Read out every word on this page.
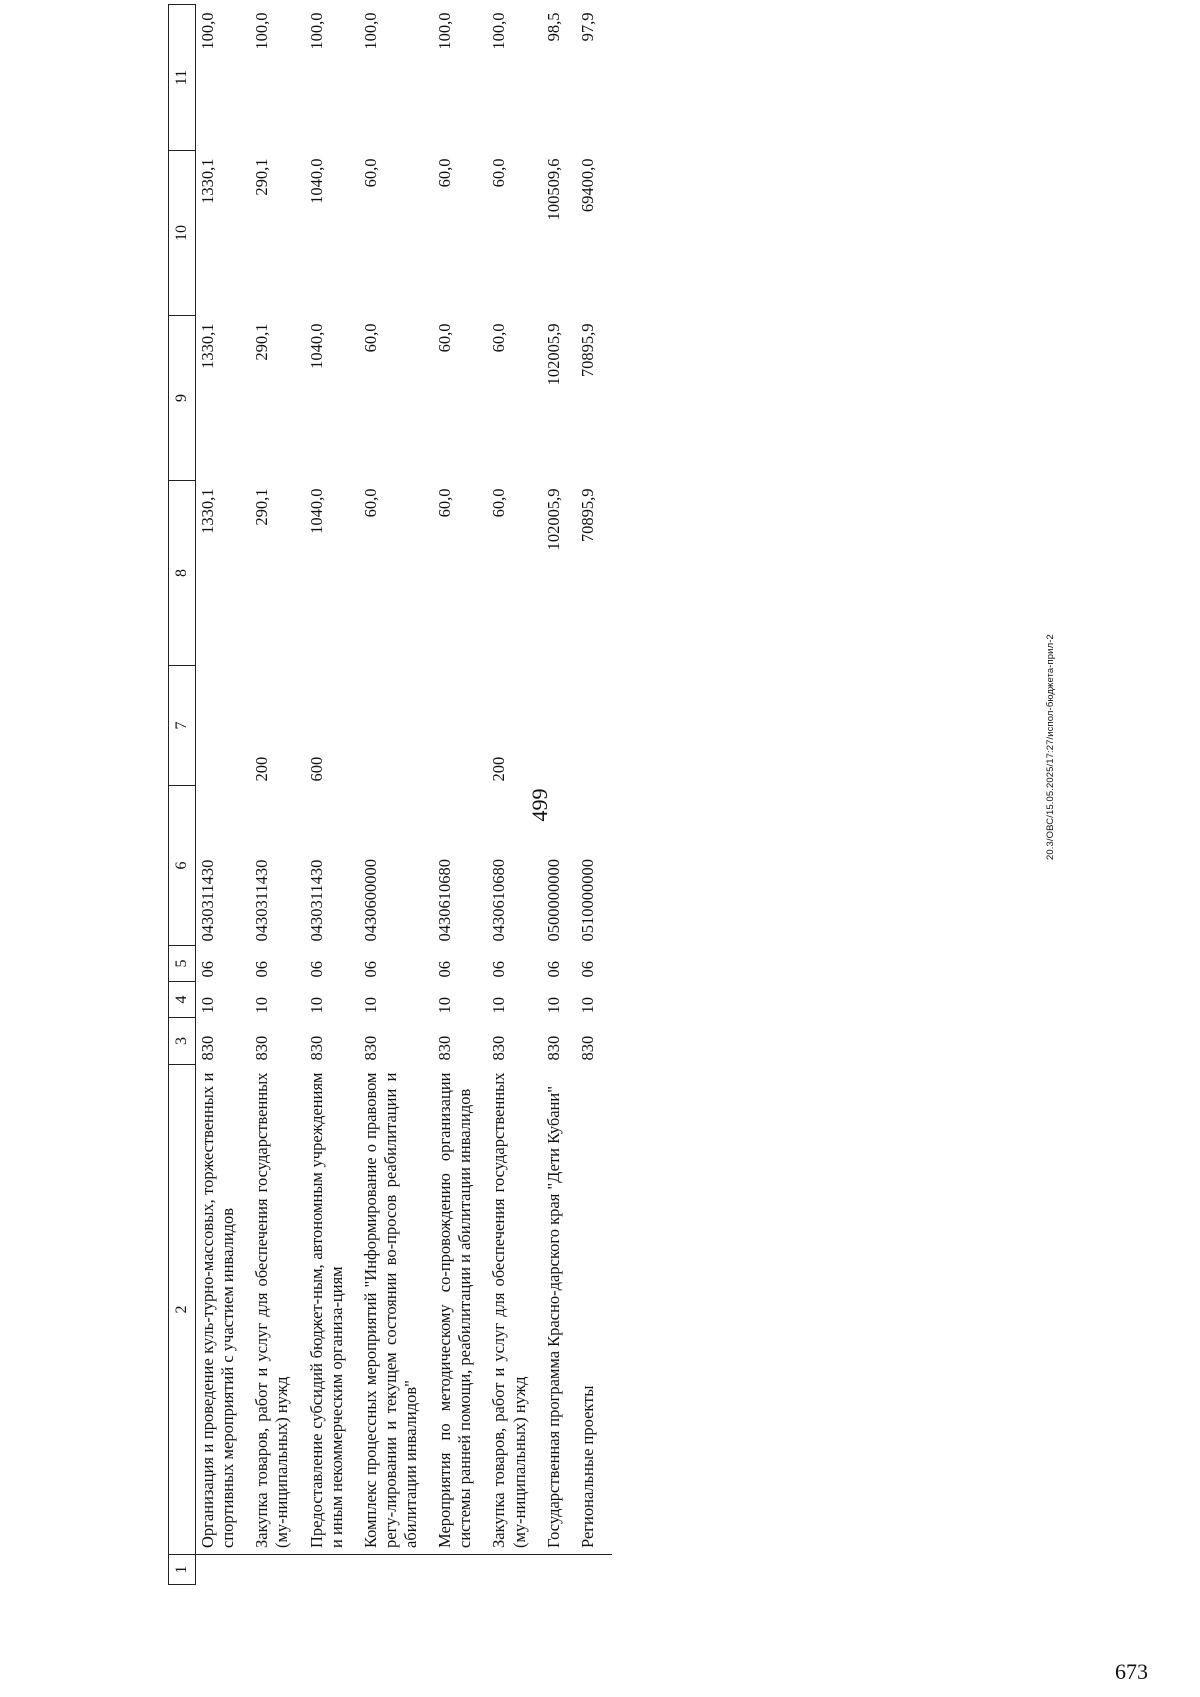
499
1	2	3	4	5	6	7	8	9	10	11
	Организация и проведение куль-турно-массовых, торжественных и спортивных мероприятий с участием инвалидов	830	10	06	0430311430		1330,1	1330,1	1330,1	100,0
	Закупка товаров, работ и услуг для обеспечения государственных (му-ниципальных) нужд	830	10	06	0430311430	200	290,1	290,1	290,1	100,0
	Предоставление субсидий бюджет-ным, автономным учреждениям и иным некоммерческим организа-циям	830	10	06	0430311430	600	1040,0	1040,0	1040,0	100,0
	Комплекс процессных мероприятий "Информирование о правовом регу-лировании и текущем состоянии во-просов реабилитации и абилитации инвалидов"	830	10	06	0430600000		60,0	60,0	60,0	100,0
	Мероприятия по методическому со-провождению организации системы ранней помощи, реабилитации и абилитации инвалидов	830	10	06	0430610680		60,0	60,0	60,0	100,0
	Закупка товаров, работ и услуг для обеспечения государственных (му-ниципальных) нужд	830	10	06	0430610680	200	60,0	60,0	60,0	100,0
	Государственная программа Красно-дарского края "Дети Кубани"	830	10	06	0500000000		102005,9	102005,9	100509,6	98,5
	Региональные проекты	830	10	06	0510000000		70895,9	70895,9	69400,0	97,9
20.3/ОВС/15.05.2025/17:27/испол-бюджета-прил-2
673
